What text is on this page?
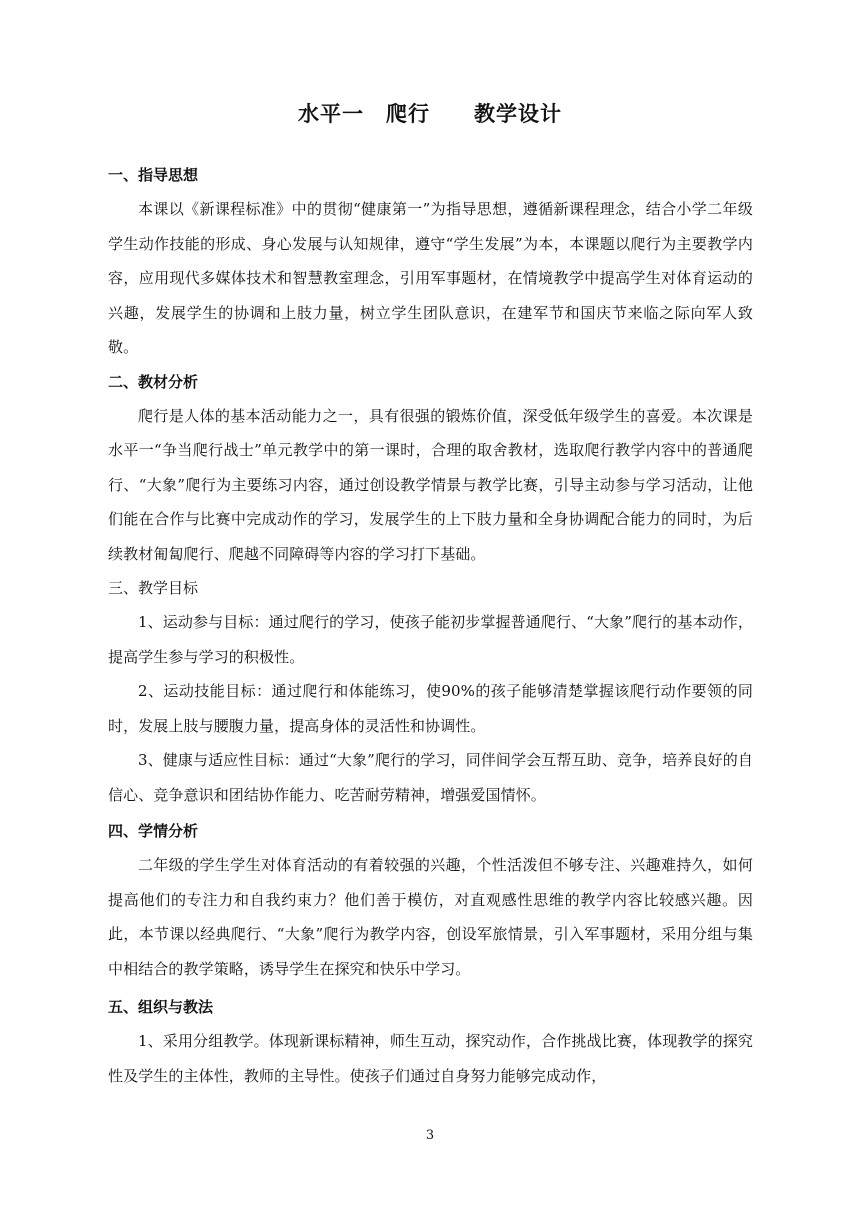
水平一　爬行　　教学设计
一、指导思想

本课以《新课程标准》中的贯彻“健康第一”为指导思想，遵循新课程理念，结合小学二年级学生动作技能的形成、身心发展与认知规律，遵守“学生发展”为本，本课题以爬行为主要教学内容，应用现代多媒体技术和智慧教室理念，引用军事题材，在情境教学中提高学生对体育运动的兴趣，发展学生的协调和上肢力量，树立学生团队意识，在建军节和国庆节来临之际向军人致敬。

二、教材分析

爬行是人体的基本活动能力之一，具有很强的锻炼价值，深受低年级学生的喜爱。本次课是水平一“争当爬行战士”单元教学中的第一课时，合理的取舍教材，选取爬行教学内容中的普通爬行、“大象”爬行为主要练习内容，通过创设教学情景与教学比赛，引导主动参与学习活动，让他们能在合作与比赛中完成动作的学习，发展学生的上下肢力量和全身协调配合能力的同时，为后续教材匍匐爬行、爬越不同障碍等内容的学习打下基础。

三、教学目标

1、运动参与目标：通过爬行的学习，使孩子能初步掌握普通爬行、“大象”爬行的基本动作，提高学生参与学习的积极性。

2、运动技能目标：通过爬行和体能练习，使90%的孩子能够清楚掌握该爬行动作要领的同时，发展上肢与腰腹力量，提高身体的灵活性和协调性。

3、健康与适应性目标：通过“大象”爬行的学习，同伴间学会互帮互助、竞争，培养良好的自信心、竞争意识和团结协作能力、吃苦耐劳精神，增强爱国情怀。

四、学情分析

二年级的学生学生对体育活动的有着较强的兴趣，个性活泼但不够专注、兴趣难持久，如何提高他们的专注力和自我约束力？他们善于模仿，对直观感性思维的教学内容比较感兴趣。因此，本节课以经典爬行、“大象”爬行为教学内容，创设军旅情景，引入军事题材，采用分组与集中相结合的教学策略，诱导学生在探究和快乐中学习。

五、组织与教法

1、采用分组教学。体现新课标精神，师生互动，探究动作，合作挑战比赛，体现教学的探究性及学生的主体性，教师的主导性。使孩子们通过自身努力能够完成动作，

3
